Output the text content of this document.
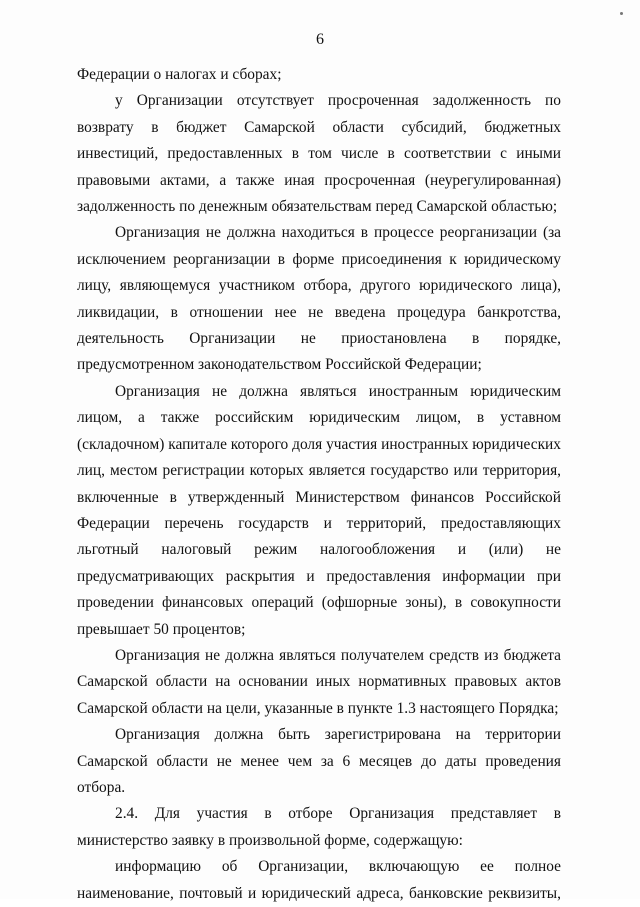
6

Федерации о налогах и сборах;

у Организации отсутствует просроченная задолженность по возврату в бюджет Самарской области субсидий, бюджетных инвестиций, предоставленных в том числе в соответствии с иными правовыми актами, а также иная просроченная (неурегулированная) задолженность по денежным обязательствам перед Самарской областью;

Организация не должна находиться в процессе реорганизации (за исключением реорганизации в форме присоединения к юридическому лицу, являющемуся участником отбора, другого юридического лица), ликвидации, в отношении нее не введена процедура банкротства, деятельность Организации не приостановлена в порядке, предусмотренном законодательством Российской Федерации;

Организация не должна являться иностранным юридическим лицом, а также российским юридическим лицом, в уставном (складочном) капитале которого доля участия иностранных юридических лиц, местом регистрации которых является государство или территория, включенные в утвержденный Министерством финансов Российской Федерации перечень государств и территорий, предоставляющих льготный налоговый режим налогообложения и (или) не предусматривающих раскрытия и предоставления информации при проведении финансовых операций (офшорные зоны), в совокупности превышает 50 процентов;

Организация не должна являться получателем средств из бюджета Самарской области на основании иных нормативных правовых актов Самарской области на цели, указанные в пункте 1.3 настоящего Порядка;

Организация должна быть зарегистрирована на территории Самарской области не менее чем за 6 месяцев до даты проведения отбора.

2.4. Для участия в отборе Организация представляет в министерство заявку в произвольной форме, содержащую:

информацию об Организации, включающую ее полное наименование, почтовый и юридический адреса, банковские реквизиты,
